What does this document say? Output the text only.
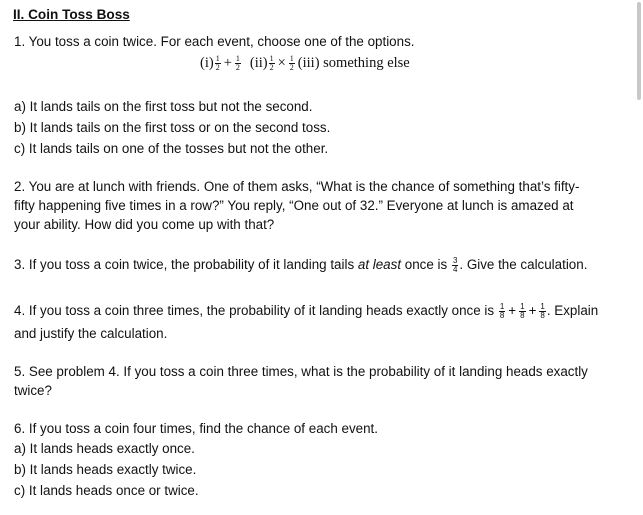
II. Coin Toss Boss
1. You toss a coin twice. For each event, choose one of the options.
$(i) \frac{1}{2} + \frac{1}{2} (ii) \frac{1}{2} \times \frac{1}{2} (iii)$ something else
a) It lands tails on the first toss but not the second.
b) It lands tails on the first toss or on the second toss.
c) It lands tails on one of the tosses but not the other.
2. You are at lunch with friends. One of them asks, “What is the chance of something that’s fifty-
fifty happening five times in a row?” You reply, “One out of 32.” Everyone at lunch is amazed at
your ability. How did you come up with that?
3. If you toss a coin twice, the probability of it landing tails at least once is $\frac{3}{4}$ . Give the calculation.
4. If you toss a coin three times, the probability of it landing heads exactly once is $\frac{1}{8} + \frac{1}{8} + \frac{1}{8}$ . Explain
and justify the calculation.
5. See problem 4. If you toss a coin three times, what is the probability of it landing heads exactly
twice?
6. If you toss a coin four times, find the chance of each event.
a) It lands heads exactly once.
b) It lands heads exactly twice.
c) It lands heads once or twice.
